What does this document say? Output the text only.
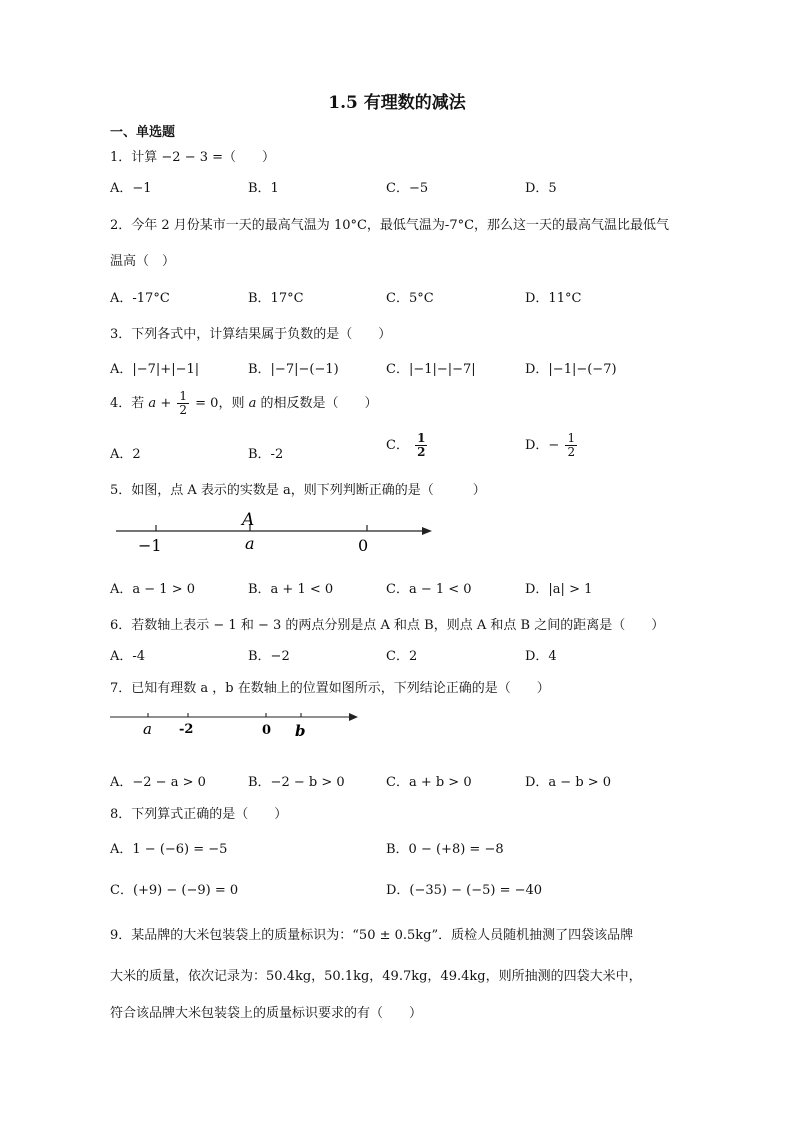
1.5 有理数的减法
一、单选题
1．计算 −2 − 3 =（　　）
A．−1	B．1	C．−5	D．5
2．今年 2 月份某市一天的最高气温为 10°C，最低气温为-7°C，那么这一天的最高气温比最低气
温高（　）
A．-17°C	B．17°C	C．5°C	D．11°C
3．下列各式中，计算结果属于负数的是（　　）
A．|−7|+|−1|	B．|−7|−(−1)	C．|−1|−|−7|	D．|−1|−(−7)
4．若 $a + \frac{1}{2} = 0$，则 a 的相反数是（　　）
A．2	B．-2
C． $\frac{1}{2}$	D．− $\frac{1}{2}$
5．如图，点 A 表示的实数是 a，则下列判断正确的是（　　　）
A
−1	a	0
A．a − 1 > 0	B．a + 1 < 0	C．a − 1 < 0	D．|a| > 1
6．若数轴上表示 − 1 和 − 3 的两点分别是点 A 和点 B，则点 A 和点 B 之间的距离是（　　）
A．-4	B．−2	C．2	D．4
7．已知有理数 a ，b 在数轴上的位置如图所示，下列结论正确的是（　　）
a -2	0 b
A．−2 − a > 0	B．−2 − b > 0	C．a + b > 0	D．a − b > 0
8．下列算式正确的是（　　）
A．1 − (−6) = −5	B．0 − (+8) = −8
C．(+9) − (−9) = 0	D．(−35) − (−5) = −40
9．某品牌的大米包装袋上的质量标识为：“50 ± 0.5kg”．质检人员随机抽测了四袋该品牌
大米的质量，依次记录为：50.4kg，50.1kg，49.7kg，49.4kg，则所抽测的四袋大米中，
符合该品牌大米包装袋上的质量标识要求的有（　　）
